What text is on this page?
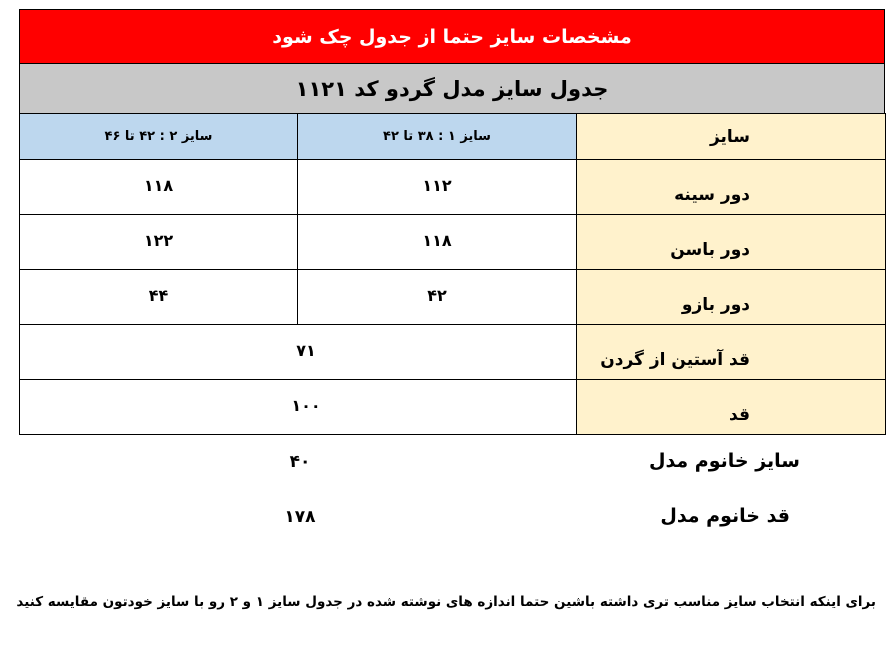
مشخصات سایز حتما از جدول چک شود
جدول سایز مدل گردو کد ۱۱۲۱
سایز ۲ : ۴۲ تا ۴۶	سایز ۱ : ۳۸ تا ۴۲	سایز
۱۱۸	۱۱۲	دور سینه
۱۲۲	۱۱۸	دور باسن
۴۴	۴۲	دور بازو
۷۱		قد آستین از گردن
۱۰۰		قد
سایز خانوم مدل
۴۰
قد خانوم مدل
۱۷۸
برای اینکه انتخاب سایز مناسب تری داشته باشین حتما اندازه های نوشته شده در جدول سایز ۱ و ۲ رو با سایز خودتون مقایسه کنید
